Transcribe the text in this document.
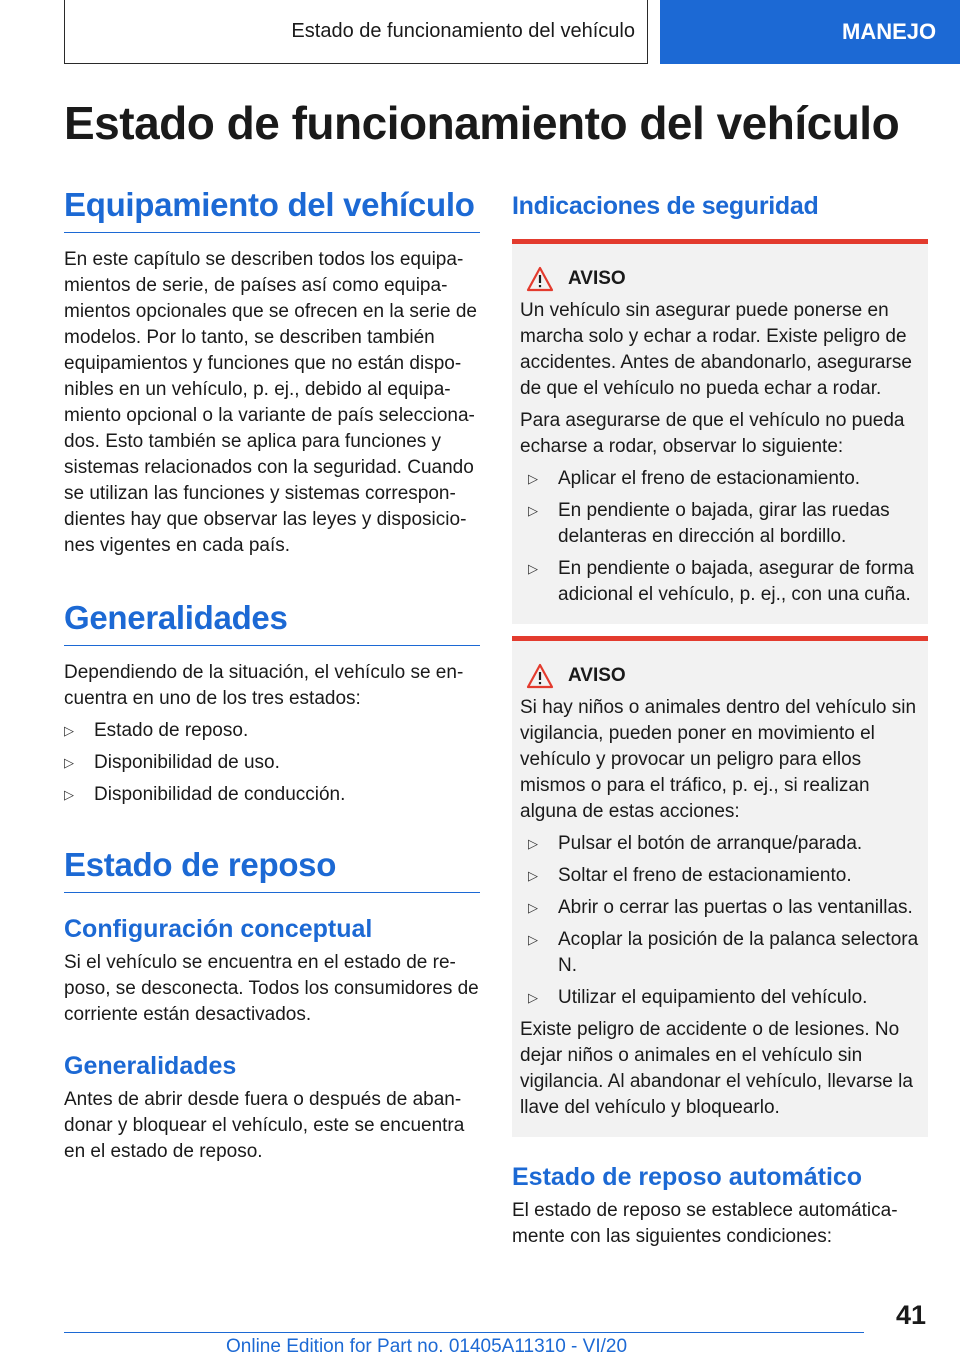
Estado de funcionamiento del vehículo	MANEJO
Estado de funcionamiento del vehículo
Equipamiento del vehículo

En este capítulo se describen todos los equipamientos de serie, de países así como equipamientos opcionales que se ofrecen en la serie de modelos. Por lo tanto, se describen también equipamientos y funciones que no están disponibles en un vehículo, p. ej., debido al equipamiento opcional o la variante de país seleccionados. Esto también se aplica para funciones y sistemas relacionados con la seguridad. Cuando se utilizan las funciones y sistemas correspondientes hay que observar las leyes y disposiciones vigentes en cada país.

Generalidades

Dependiendo de la situación, el vehículo se encuentra en uno de los tres estados:

▷	Estado de reposo.
▷	Disponibilidad de uso.
▷	Disponibilidad de conducción.
Estado de reposo
Configuración conceptual

Si el vehículo se encuentra en el estado de reposo, se desconecta. Todos los consumidores de corriente están desactivados.

Generalidades

Antes de abrir desde fuera o después de abandonar y bloquear el vehículo, este se encuentra en el estado de reposo.

Indicaciones de seguridad
AVISO

Un vehículo sin asegurar puede ponerse en marcha solo y echar a rodar. Existe peligro de accidentes. Antes de abandonarlo, asegurarse de que el vehículo no pueda echar a rodar.

Para asegurarse de que el vehículo no pueda echarse a rodar, observar lo siguiente:

▷	Aplicar el freno de estacionamiento.
▷	En pendiente o bajada, girar las ruedas delanteras en dirección al bordillo.
▷	En pendiente o bajada, asegurar de forma adicional el vehículo, p. ej., con una cuña.
AVISO

Si hay niños o animales dentro del vehículo sin vigilancia, pueden poner en movimiento el vehículo y provocar un peligro para ellos mismos o para el tráfico, p. ej., si realizan alguna de estas acciones:

▷	Pulsar el botón de arranque/parada.
▷	Soltar el freno de estacionamiento.
▷	Abrir o cerrar las puertas o las ventanillas.
▷	Acoplar la posición de la palanca selectora N.
▷	Utilizar el equipamiento del vehículo.

Existe peligro de accidente o de lesiones. No dejar niños o animales en el vehículo sin vigilancia. Al abandonar el vehículo, llevarse la llave del vehículo y bloquearlo.

Estado de reposo automático

El estado de reposo se establece automáticamente con las siguientes condiciones:

41
Online Edition for Part no. 01405A11310 - VI/20
